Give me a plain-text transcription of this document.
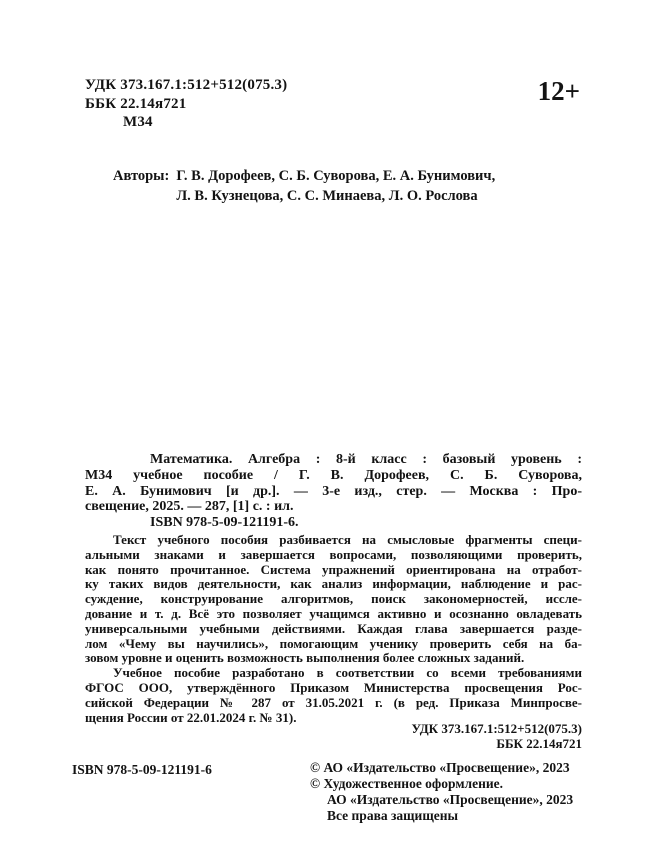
УДК 373.167.1:512+512(075.3)
ББК 22.14я721
М34
12+
Авторы: Г. В. Дорофеев, С. Б. Суворова, Е. А. Бунимович,
Л. В. Кузнецова, С. С. Минаева, Л. О. Рослова
Математика. Алгебра : 8-й класс : базовый уровень :
М34 учебное пособие / Г. В. Дорофеев, С. Б. Суворова,
Е. А. Бунимович [и др.]. — 3-е изд., стер. — Москва : Про-
свещение, 2025. — 287, [1] с. : ил.
ISBN 978-5-09-121191-6.
Текст учебного пособия разбивается на смысловые фрагменты специ-
альными знаками и завершается вопросами, позволяющими проверить,
как понято прочитанное. Система упражнений ориентирована на отработ-
ку таких видов деятельности, как анализ информации, наблюдение и рас-
суждение, конструирование алгоритмов, поиск закономерностей, иссле-
дование и т. д. Всё это позволяет учащимся активно и осознанно овладевать
универсальными учебными действиями. Каждая глава завершается разде-
лом «Чему вы научились», помогающим ученику проверить себя на ба-
зовом уровне и оценить возможность выполнения более сложных заданий.
Учебное пособие разработано в соответствии со всеми требованиями
ФГОС ООО, утверждённого Приказом Министерства просвещения Рос-
сийской Федерации № 287 от 31.05.2021 г. (в ред. Приказа Минпросве-
щения России от 22.01.2024 г. № 31).
УДК 373.167.1:512+512(075.3)
ББК 22.14я721
ISBN 978-5-09-121191-6	© АО «Издательство «Просвещение», 2023
© Художественное оформление.
АО «Издательство «Просвещение», 2023
Все права защищены
